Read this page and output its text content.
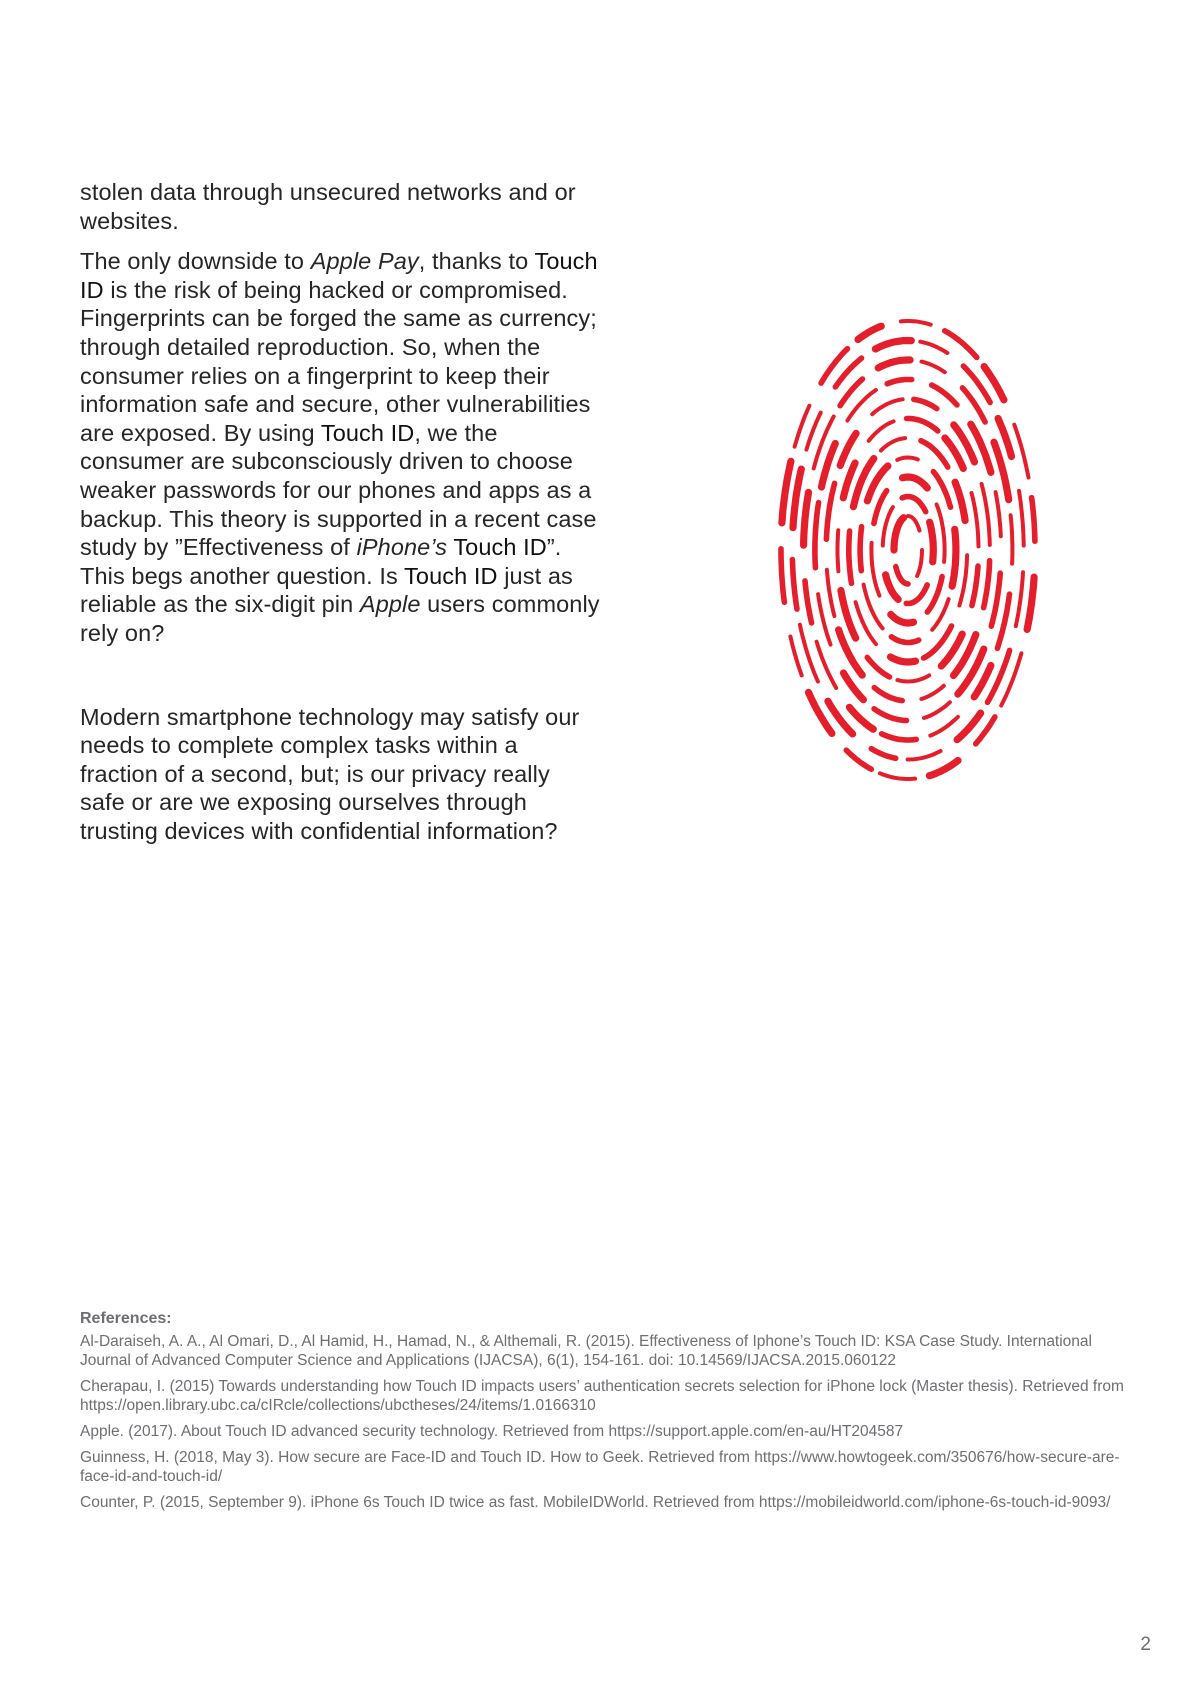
stolen data through unsecured networks and or websites.

The only downside to Apple Pay, thanks to Touch ID is the risk of being hacked or compromised. Fingerprints can be forged the same as currency; through detailed reproduction. So, when the consumer relies on a fingerprint to keep their information safe and secure, other vulnerabilities are exposed. By using Touch ID, we the consumer are subconsciously driven to choose weaker passwords for our phones and apps as a backup. This theory is supported in a recent case study by ”Effectiveness of iPhone’s Touch ID”. This begs another question. Is Touch ID just as reliable as the six-digit pin Apple users commonly rely on?

Modern smartphone technology may satisfy our needs to complete complex tasks within a fraction of a second, but; is our privacy really safe or are we exposing ourselves through trusting devices with confidential information?

References:

Al-Daraiseh, A. A., Al Omari, D., Al Hamid, H., Hamad, N., & Althemali, R. (2015). Effectiveness of Iphone’s Touch ID: KSA Case Study. International Journal of Advanced Computer Science and Applications (IJACSA), 6(1), 154-161. doi: 10.14569/IJACSA.2015.060122

Cherapau, I. (2015) Towards understanding how Touch ID impacts users’ authentication secrets selection for iPhone lock (Master thesis). Retrieved from https://open.library.ubc.ca/cIRcle/collections/ubctheses/24/items/1.0166310

Apple. (2017). About Touch ID advanced security technology. Retrieved from https://support.apple.com/en-au/HT204587

Guinness, H. (2018, May 3). How secure are Face-ID and Touch ID. How to Geek. Retrieved from https://www.howtogeek.com/350676/how-secure-are-face-id-and-touch-id/

Counter, P. (2015, September 9). iPhone 6s Touch ID twice as fast. MobileIDWorld. Retrieved from https://mobileidworld.com/iphone-6s-touch-id-9093/

2
